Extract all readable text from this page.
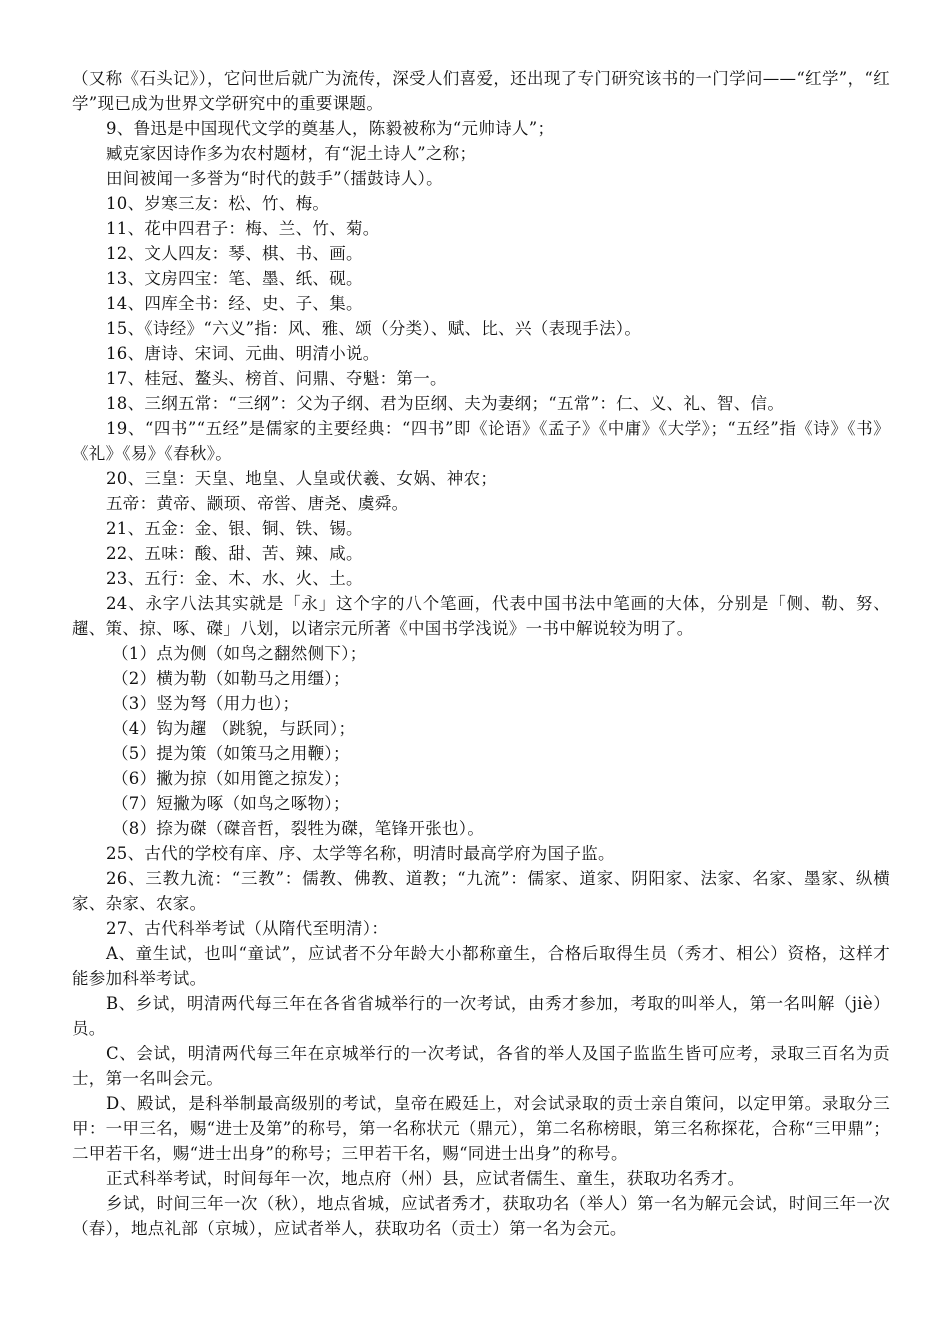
（又称《石头记》），它问世后就广为流传，深受人们喜爱，还出现了专门研究该书的一门学问——“红学”，“红学”现已成为世界文学研究中的重要课题。

9、鲁迅是中国现代文学的奠基人，陈毅被称为“元帅诗人”；

臧克家因诗作多为农村题材，有“泥土诗人”之称；

田间被闻一多誉为“时代的鼓手”（擂鼓诗人）。

10、岁寒三友：松、竹、梅。

11、花中四君子：梅、兰、竹、菊。

12、文人四友：琴、棋、书、画。

13、文房四宝：笔、墨、纸、砚。

14、四库全书：经、史、子、集。

15、《诗经》“六义”指：风、雅、颂（分类）、赋、比、兴（表现手法）。

16、唐诗、宋词、元曲、明清小说。

17、桂冠、鳌头、榜首、问鼎、夺魁：第一。

18、三纲五常：“三纲”：父为子纲、君为臣纲、夫为妻纲；“五常”：仁、义、礼、智、信。

19、“四书”“五经”是儒家的主要经典：“四书”即《论语》《孟子》《中庸》《大学》；“五经”指《诗》《书》《礼》《易》《春秋》。

20、三皇：天皇、地皇、人皇或伏羲、女娲、神农；

五帝：黄帝、颛顼、帝喾、唐尧、虞舜。

21、五金：金、银、铜、铁、锡。

22、五味：酸、甜、苦、辣、咸。

23、五行：金、木、水、火、土。

24、永字八法其实就是「永」这个字的八个笔画，代表中国书法中笔画的大体，分别是「侧、勒、努、趯、策、掠、啄、磔」八划，以诸宗元所著《中国书学浅说》一书中解说较为明了。

（1）点为侧（如鸟之翻然侧下）；

（2）横为勒（如勒马之用缰）；

（3）竖为弩（用力也）；

（4）钩为趯 （跳貌，与跃同）；

（5）提为策（如策马之用鞭）；

（6）撇为掠（如用篦之掠发）；

（7）短撇为啄（如鸟之啄物）；

（8）捺为磔（磔音哲，裂牲为磔，笔锋开张也）。

25、古代的学校有庠、序、太学等名称，明清时最高学府为国子监。

26、三教九流：“三教”：儒教、佛教、道教；“九流”：儒家、道家、阴阳家、法家、名家、墨家、纵横家、杂家、农家。

27、古代科举考试（从隋代至明清）：

A、童生试，也叫“童试”，应试者不分年龄大小都称童生，合格后取得生员（秀才、相公）资格，这样才能参加科举考试。

B、乡试，明清两代每三年在各省省城举行的一次考试，由秀才参加，考取的叫举人，第一名叫解（jiè）员。

C、会试，明清两代每三年在京城举行的一次考试，各省的举人及国子监监生皆可应考，录取三百名为贡士，第一名叫会元。

D、殿试，是科举制最高级别的考试，皇帝在殿廷上，对会试录取的贡士亲自策问，以定甲第。录取分三甲：一甲三名，赐“进士及第”的称号，第一名称状元（鼎元），第二名称榜眼，第三名称探花，合称“三甲鼎”；二甲若干名，赐“进士出身”的称号；三甲若干名，赐“同进士出身”的称号。

正式科举考试，时间每年一次，地点府（州）县，应试者儒生、童生，获取功名秀才。

乡试，时间三年一次（秋），地点省城，应试者秀才，获取功名（举人）第一名为解元会试，时间三年一次（春），地点礼部（京城），应试者举人，获取功名（贡士）第一名为会元。
